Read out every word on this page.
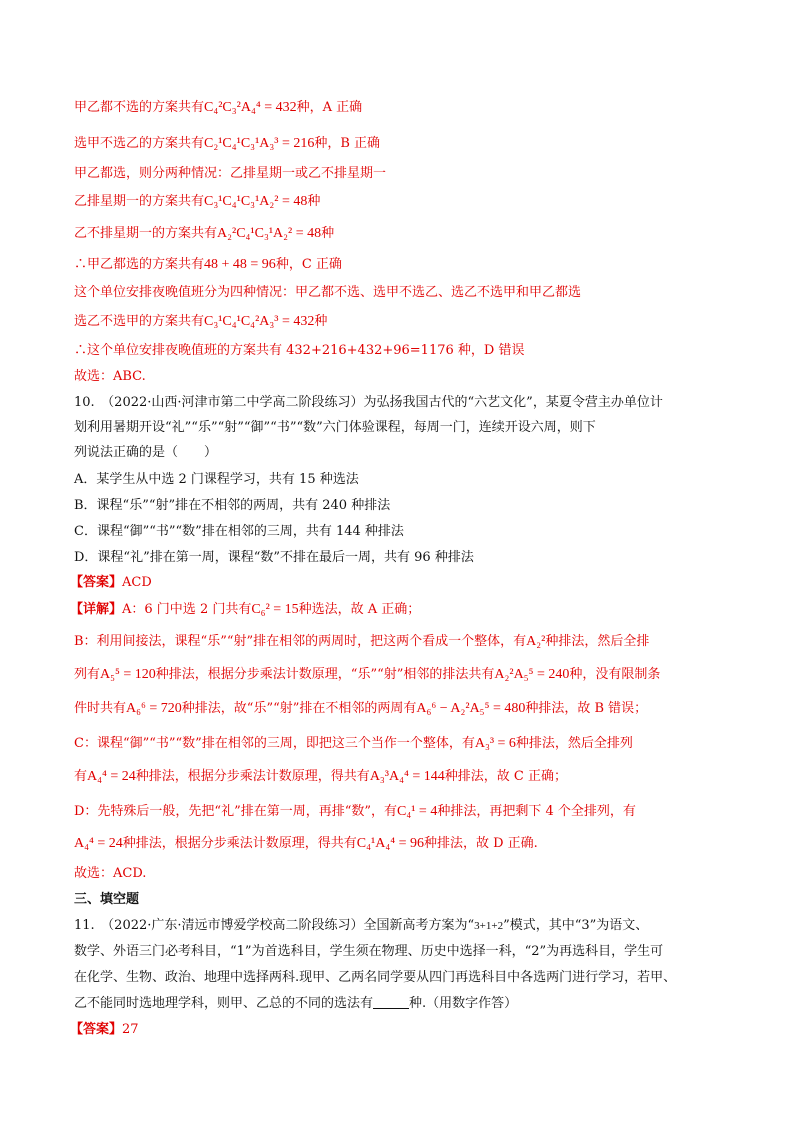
甲乙都不选的方案共有C₄²C₃²A₄⁴ = 432种，A 正确
选甲不选乙的方案共有C₂¹C₄¹C₃¹A₃³ = 216种，B 正确
甲乙都选，则分两种情况：乙排星期一或乙不排星期一
乙排星期一的方案共有C₃¹C₄¹C₃¹A₂² = 48种
乙不排星期一的方案共有A₂²C₄¹C₃¹A₂² = 48种
∴甲乙都选的方案共有48 + 48 = 96种，C 正确
这个单位安排夜晚值班分为四种情况：甲乙都不选、选甲不选乙、选乙不选甲和甲乙都选
选乙不选甲的方案共有C₃¹C₄¹C₄²A₃³ = 432种
∴这个单位安排夜晚值班的方案共有 432+216+432+96=1176 种，D 错误
故选：ABC.
10.　（2022·山西·河津市第二中学高二阶段练习）为弘扬我国古代的“六艺文化”，某夏令营主办单位计
划利用暑期开设“礼”“乐”“射”“御”“书”“数”六门体验课程，每周一门，连续开设六周，则下
列说法正确的是（　　）
A．某学生从中选 2 门课程学习，共有 15 种选法
B．课程“乐”“射”排在不相邻的两周，共有 240 种排法
C．课程“御”“书”“数”排在相邻的三周，共有 144 种排法
D．课程“礼”排在第一周，课程“数”不排在最后一周，共有 96 种排法
【答案】ACD
【详解】A：6 门中选 2 门共有C₆² = 15种选法，故 A 正确；
B：利用间接法，课程“乐”“射”排在相邻的两周时，把这两个看成一个整体，有A₂²种排法，然后全排
列有A₅⁵ = 120种排法，根据分步乘法计数原理，“乐”“射”相邻的排法共有A₂²A₅⁵ = 240种，没有限制条
件时共有A₆⁶ = 720种排法，故“乐”“射”排在不相邻的两周有A₆⁶ − A₂²A₅⁵ = 480种排法，故 B 错误；
C：课程“御”“书”“数”排在相邻的三周，即把这三个当作一个整体，有A₃³ = 6种排法，然后全排列
有A₄⁴ = 24种排法，根据分步乘法计数原理，得共有A₃³A₄⁴ = 144种排法，故 C 正确；
D：先特殊后一般，先把“礼”排在第一周，再排“数”，有C₄¹ = 4种排法，再把剩下 4 个全排列，有
A₄⁴ = 24种排法，根据分步乘法计数原理，得共有C₄¹A₄⁴ = 96种排法，故 D 正确.
故选：ACD.
三、填空题
11.　（2022·广东·清远市博爱学校高二阶段练习）全国新高考方案为“3+1+2”模式，其中“3”为语文、
数学、外语三门必考科目，“1”为首选科目，学生须在物理、历史中选择一科，“2”为再选科目，学生可
在化学、生物、政治、地理中选择两科.现甲、乙两名同学要从四门再选科目中各选两门进行学习，若甲、
乙不能同时选地理学科，则甲、乙总的不同的选法有	种.（用数字作答）
【答案】27
